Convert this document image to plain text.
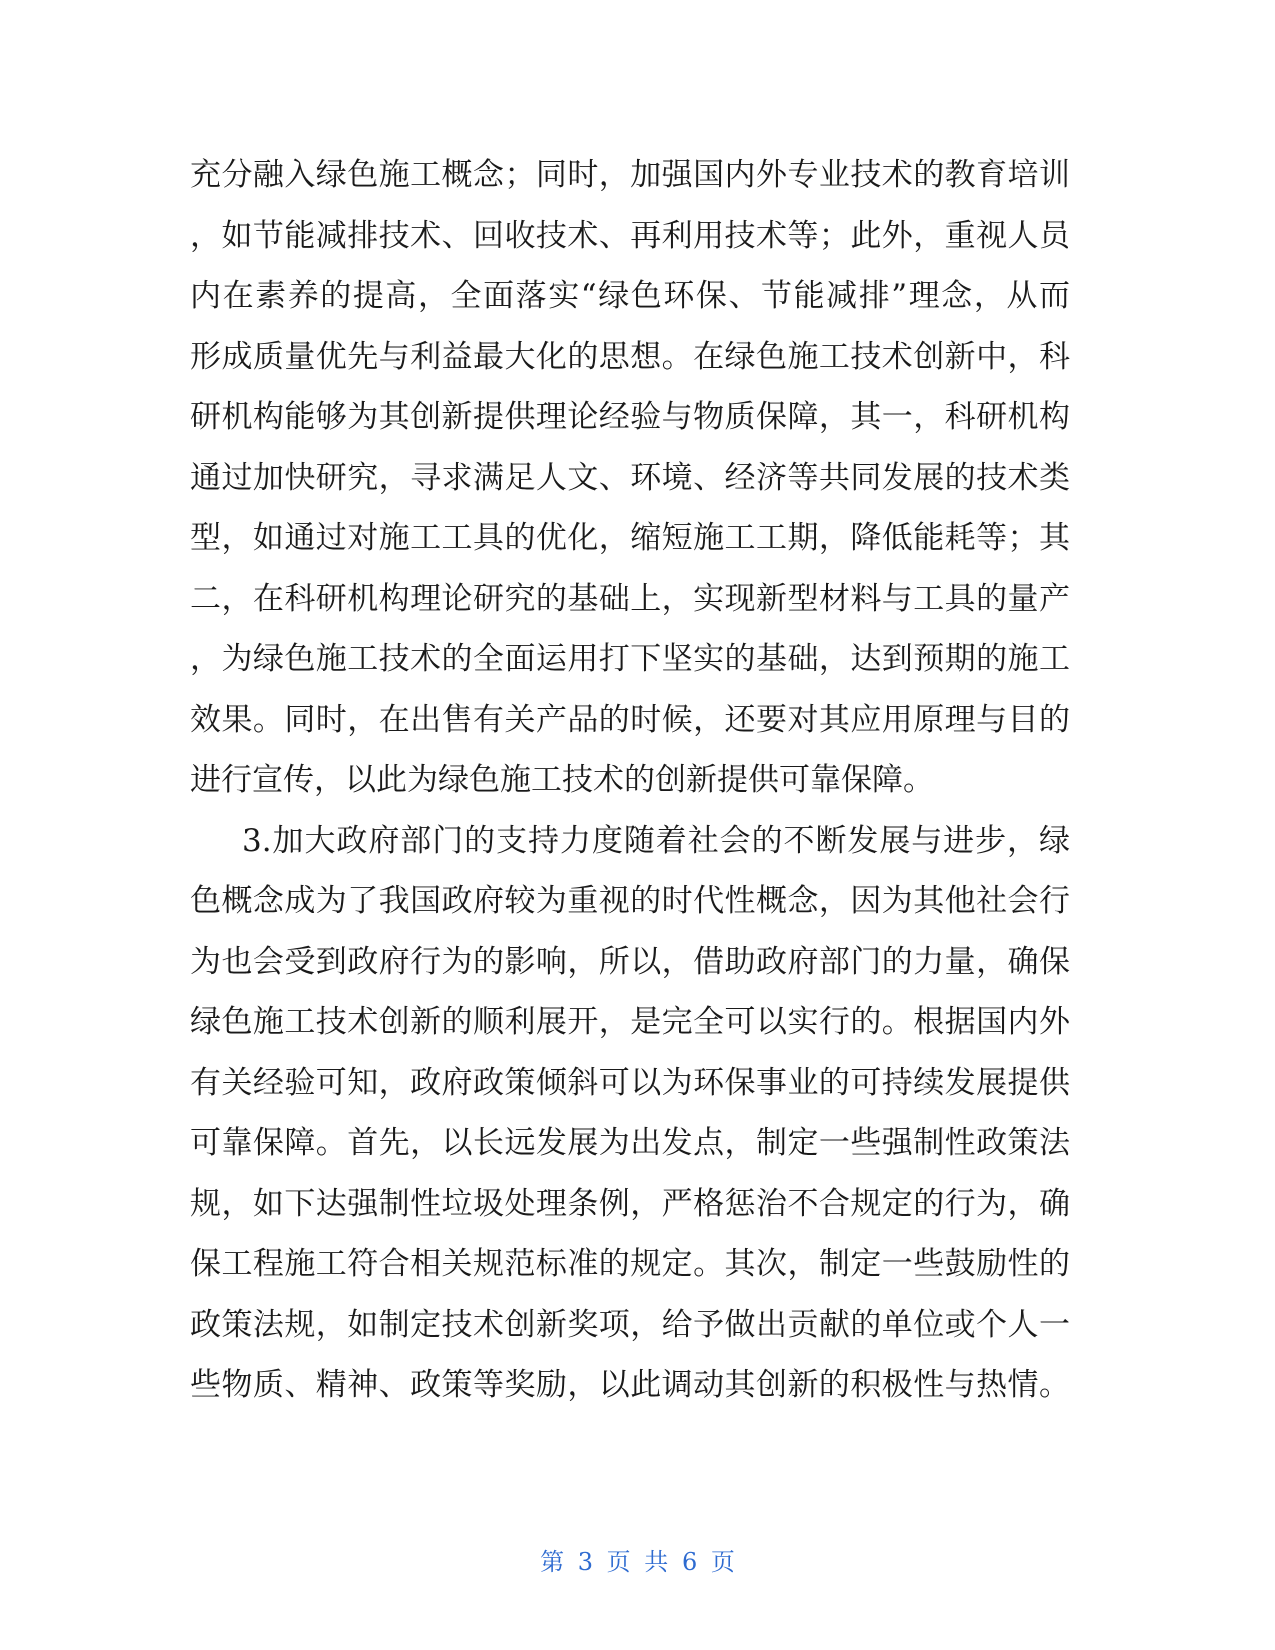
充分融入绿色施工概念；同时，加强国内外专业技术的教育培训
，如节能减排技术、回收技术、再利用技术等；此外，重视人员
内在素养的提高，全面落实“绿色环保、节能减排”理念，从而
形成质量优先与利益最大化的思想。在绿色施工技术创新中，科
研机构能够为其创新提供理论经验与物质保障，其一，科研机构
通过加快研究，寻求满足人文、环境、经济等共同发展的技术类
型，如通过对施工工具的优化，缩短施工工期，降低能耗等；其
二，在科研机构理论研究的基础上，实现新型材料与工具的量产
，为绿色施工技术的全面运用打下坚实的基础，达到预期的施工
效果。同时，在出售有关产品的时候，还要对其应用原理与目的
进行宣传，以此为绿色施工技术的创新提供可靠保障。
3.加大政府部门的支持力度随着社会的不断发展与进步，绿
色概念成为了我国政府较为重视的时代性概念，因为其他社会行
为也会受到政府行为的影响，所以，借助政府部门的力量，确保
绿色施工技术创新的顺利展开，是完全可以实行的。根据国内外
有关经验可知，政府政策倾斜可以为环保事业的可持续发展提供
可靠保障。首先，以长远发展为出发点，制定一些强制性政策法
规，如下达强制性垃圾处理条例，严格惩治不合规定的行为，确
保工程施工符合相关规范标准的规定。其次，制定一些鼓励性的
政策法规，如制定技术创新奖项，给予做出贡献的单位或个人一
些物质、精神、政策等奖励，以此调动其创新的积极性与热情。
第 3 页 共 6 页
